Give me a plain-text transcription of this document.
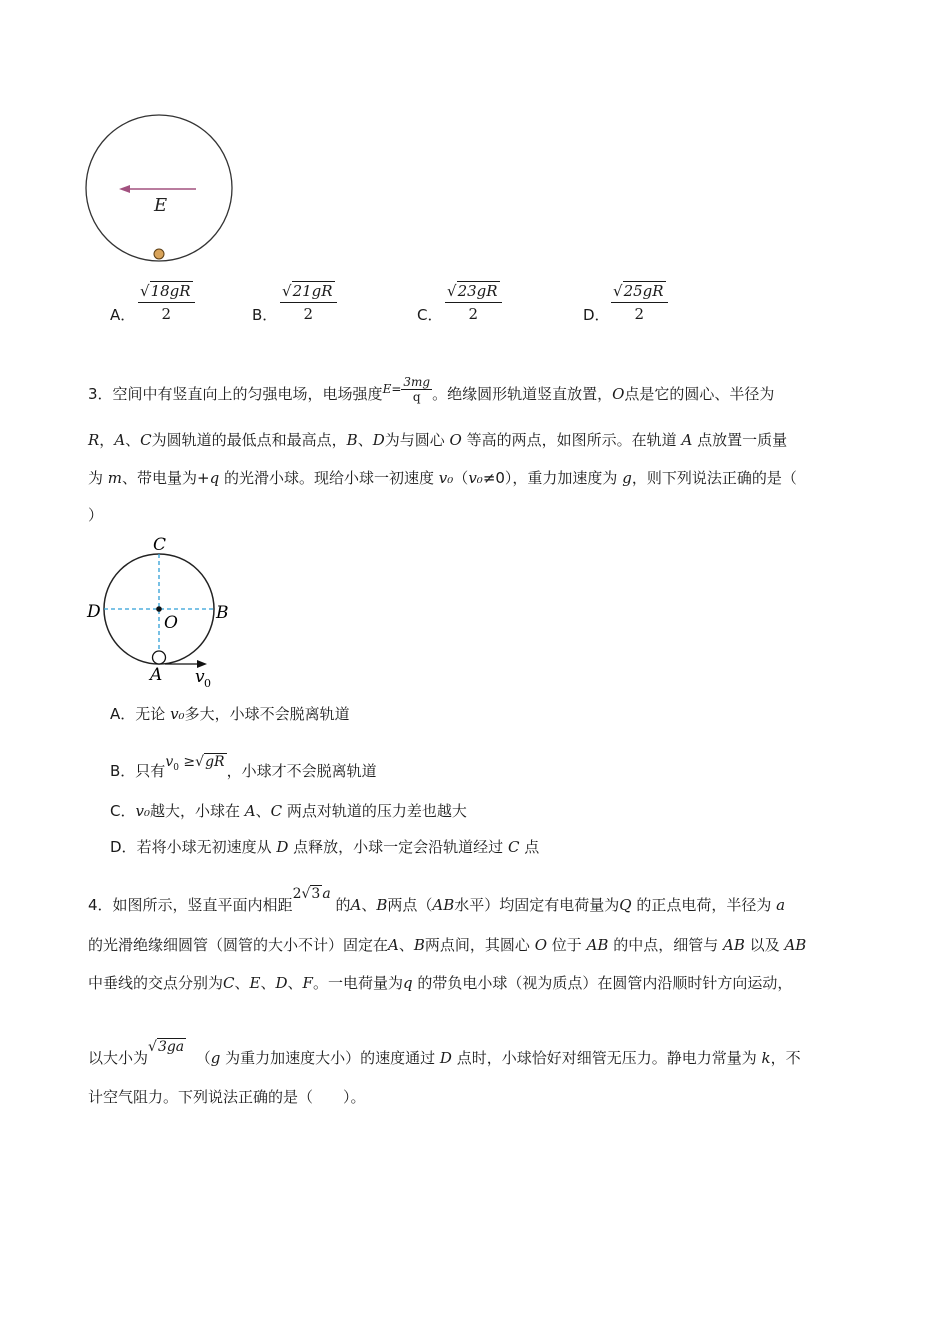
E
A．
√18gR
2	B．
√21gR
2	C．
√23gR
2	D．
√25gR
2
3．空间中有竖直向上的匀强电场，电场强度$^{E=} \frac{3mg}{q}$ 。绝缘圆形轨道竖直放置，O点是它的圆心、半径为
R，A、C为圆轨道的最低点和最高点，B、D为与圆心 O 等高的两点，如图所示。在轨道 A 点放置一质量
为 m、带电量为+q 的光滑小球。现给小球一初速度 v₀（v₀≠0），重力加速度为 g，则下列说法正确的是（
）
C
D	B
O
A v 0
A．无论 v₀多大，小球不会脱离轨道
B．只有$v_0 \ge√gR$ ，小球才不会脱离轨道
C．v₀越大，小球在 A、C 两点对轨道的压力差也越大
D．若将小球无初速度从 D 点释放，小球一定会沿轨道经过 C 点
4．如图所示，竖直平面内相距2√3 a 的A、B两点（AB水平）均固定有电荷量为Q 的正点电荷，半径为 a
的光滑绝缘细圆管（圆管的大小不计）固定在A、B两点间，其圆心 O 位于 AB 的中点，细管与 AB 以及 AB
中垂线的交点分别为C、E、D、F。一电荷量为q 的带负电小球（视为质点）在圆管内沿顺时针方向运动，
以大小为√3ga  （g 为重力加速度大小）的速度通过 D 点时，小球恰好对细管无压力。静电力常量为 k，不
计空气阻力。下列说法正确的是（　　）。
